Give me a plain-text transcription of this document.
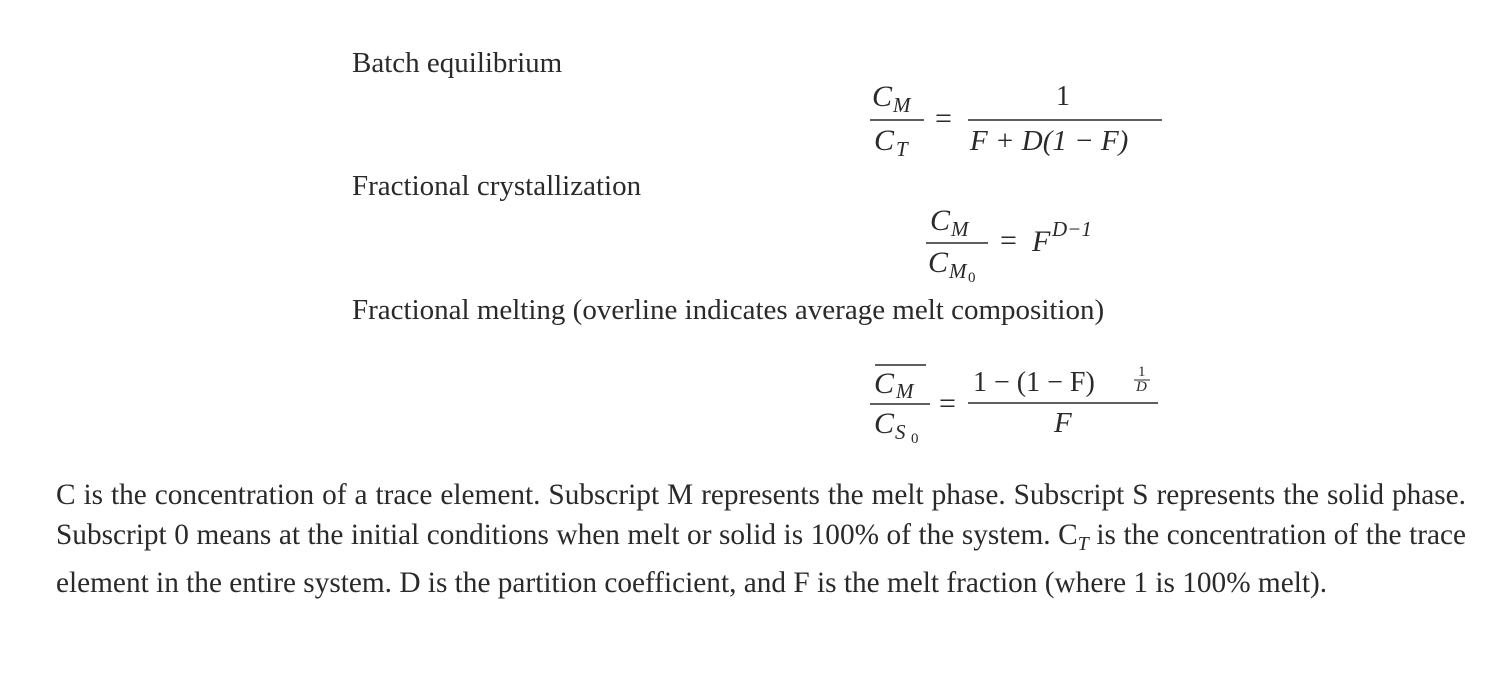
Batch equilibrium
C M
C T
=
1
F + D(1 − F)
Fractional crystallization
C M
C M 0
= F D−1
Fractional melting (overline indicates average melt composition)
C M
C S 0
=
1 − (1 − F)	1
D
F
C is the concentration of a trace element. Subscript M represents the melt phase. Subscript S represents the solid phase. Subscript 0 means at the initial conditions when melt or solid is 100% of the system. $C_T$ is the concentration of the trace element in the entire system. D is the partition coefficient, and F is the melt fraction (where 1 is 100% melt).
